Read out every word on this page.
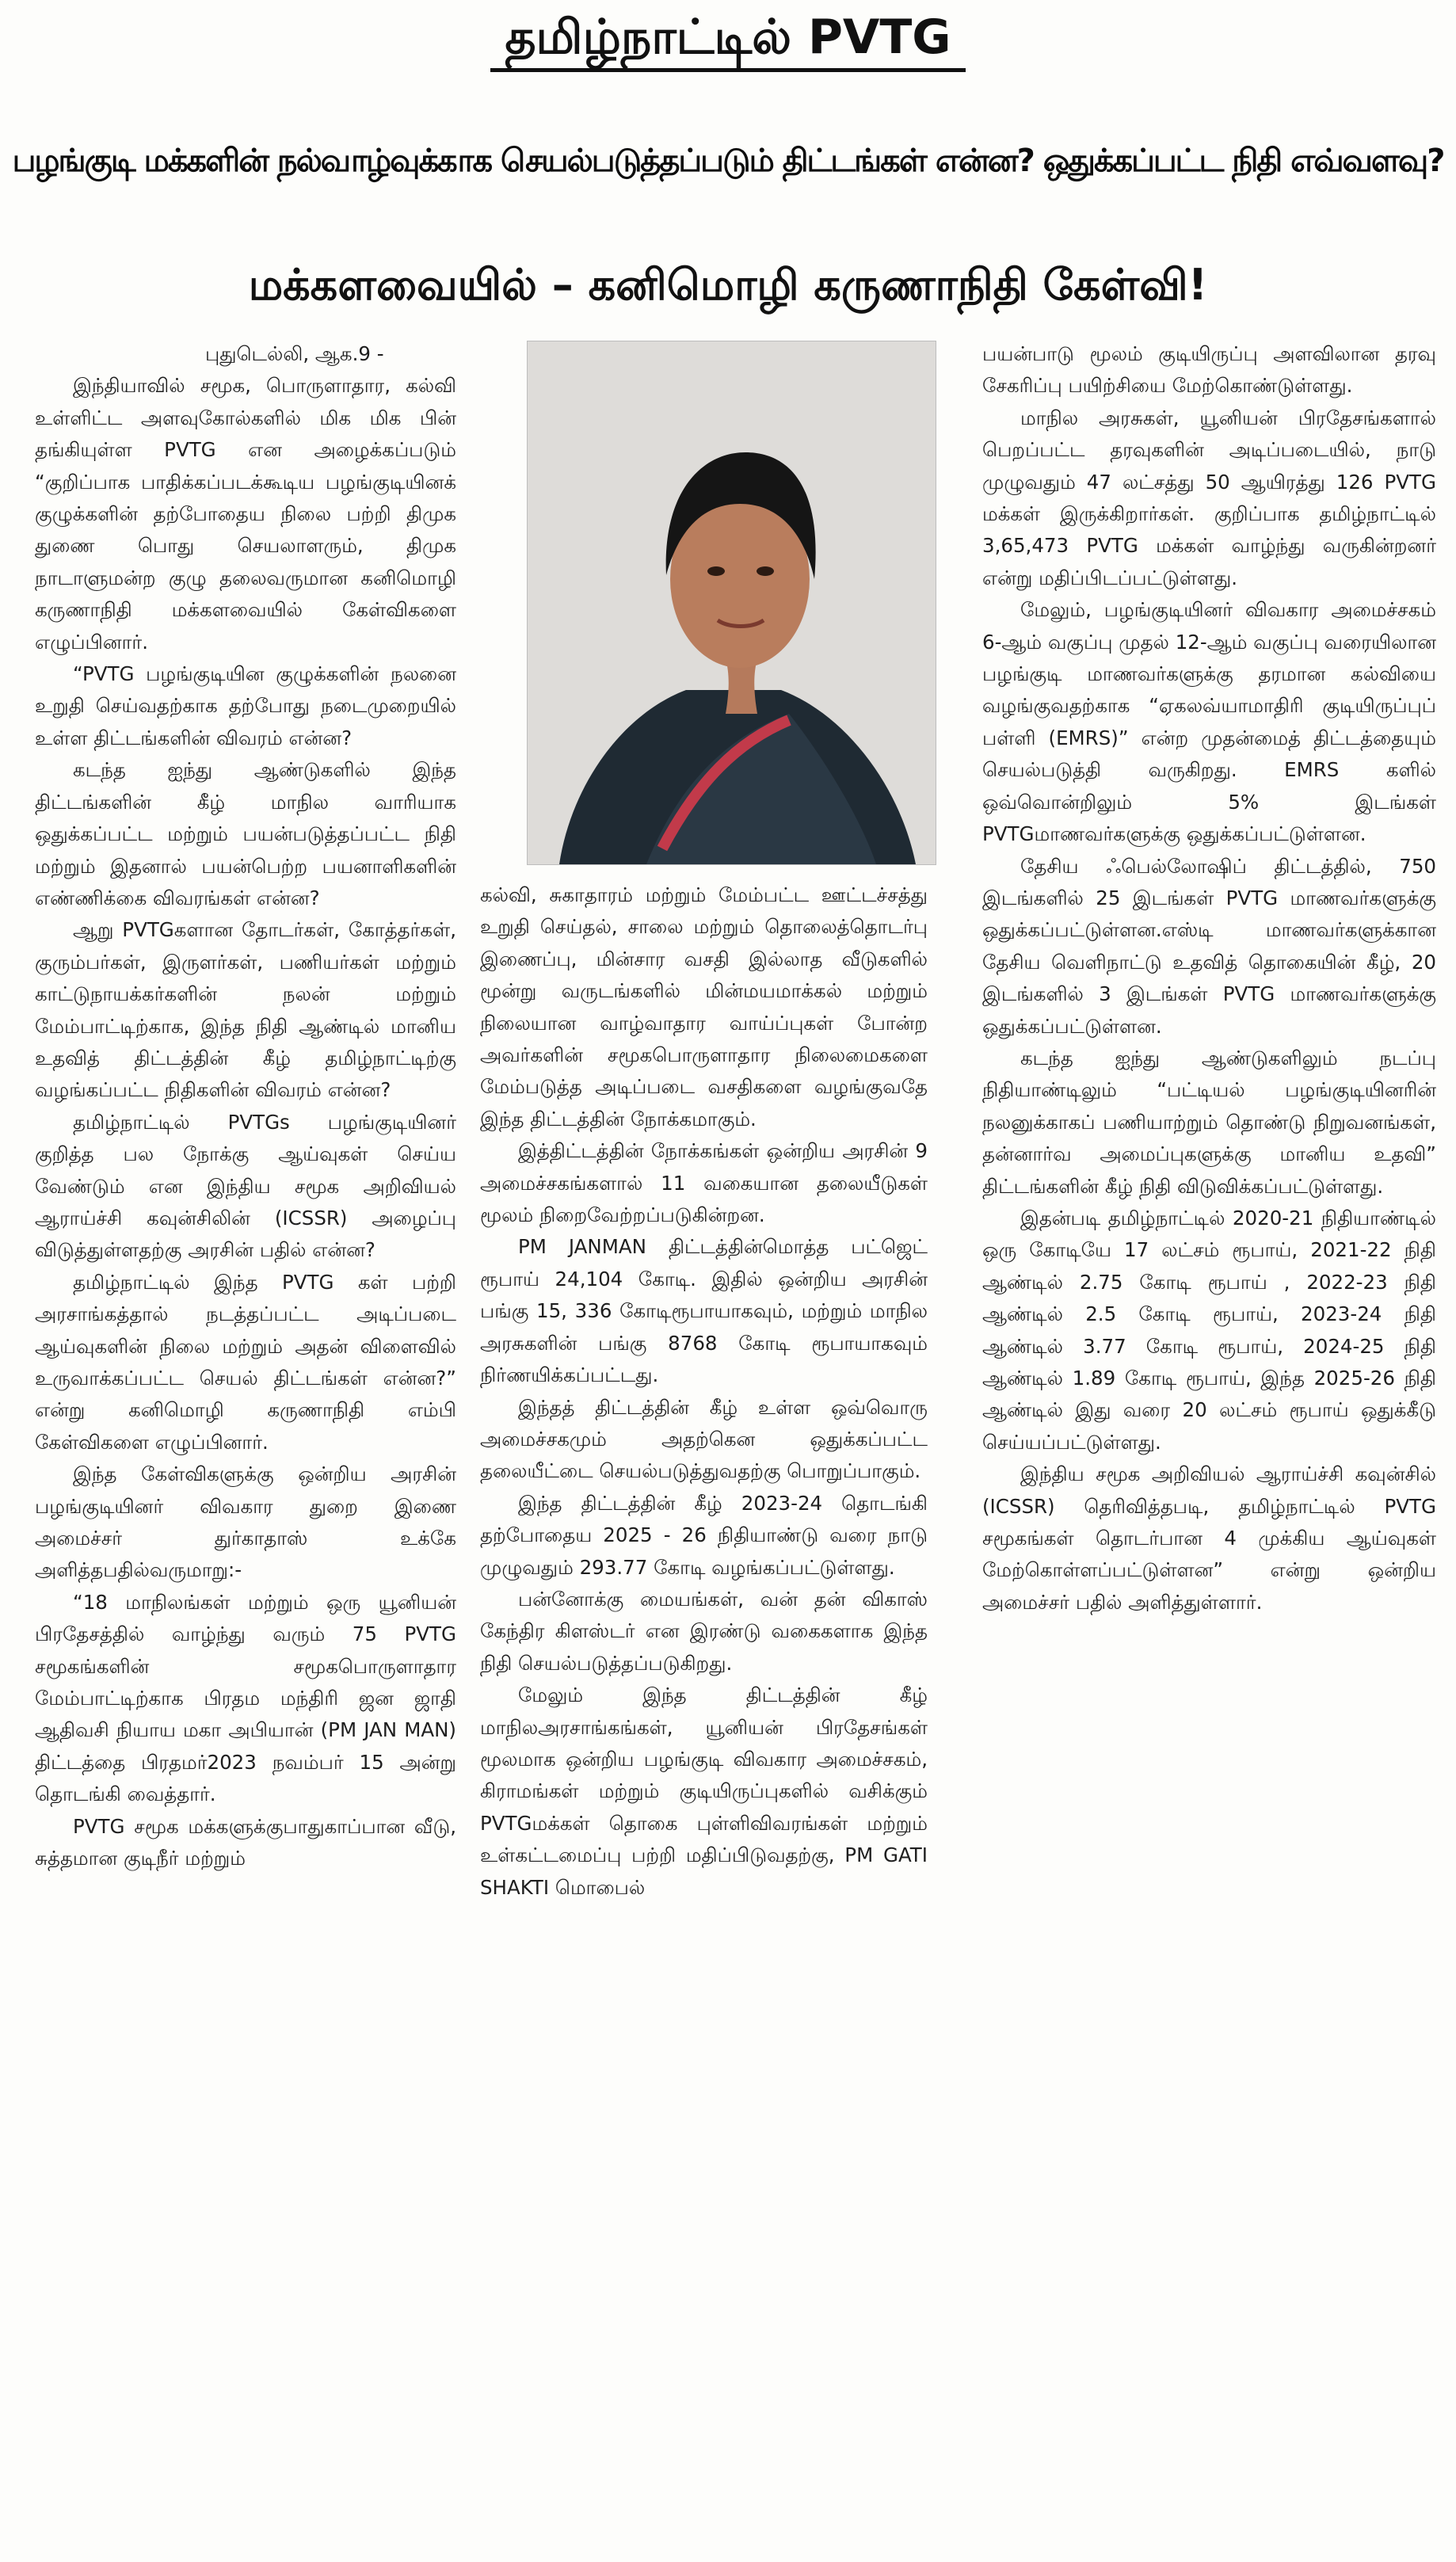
தமிழ்நாட்டில் PVTG
பழங்குடி மக்களின் நல்வாழ்வுக்காக செயல்படுத்தப்படும் திட்டங்கள் என்ன? ஒதுக்கப்பட்ட நிதி எவ்வளவு?
மக்களவையில் – கனிமொழி கருணாநிதி கேள்வி!

புதுடெல்லி, ஆக.9 -

இந்தியாவில் சமூக, பொருளாதார, கல்வி உள்ளிட்ட அளவுகோல்களில் மிக மிக பின் தங்கியுள்ள PVTG என அழைக்கப்படும் “குறிப்பாக பாதிக்கப்படக்கூடிய பழங்குடியினக் குழுக்களின் தற்போதைய நிலை பற்றி திமுக துணை பொது செயலாளரும், திமுக நாடாளுமன்ற குழு தலைவருமான கனிமொழி கருணாநிதி மக்களவையில் கேள்விகளை எழுப்பினார்.

“PVTG பழங்குடியின குழுக்களின் நலனை உறுதி செய்வதற்காக தற்போது நடைமுறையில் உள்ள திட்டங்களின் விவரம் என்ன?

கடந்த ஐந்து ஆண்டுகளில் இந்த திட்டங்களின் கீழ் மாநில வாரியாக ஒதுக்கப்பட்ட மற்றும் பயன்படுத்தப்பட்ட நிதி மற்றும் இதனால் பயன்பெற்ற பயனாளிகளின் எண்ணிக்கை விவரங்கள் என்ன?

ஆறு PVTGகளான தோடர்கள், கோத்தர்கள், குரும்பர்கள், இருளர்கள், பணியர்கள் மற்றும் காட்டுநாயக்கர்களின் நலன் மற்றும் மேம்பாட்டிற்காக, இந்த நிதி ஆண்டில் மானிய உதவித் திட்டத்தின் கீழ் தமிழ்நாட்டிற்கு வழங்கப்பட்ட நிதிகளின் விவரம் என்ன?

தமிழ்நாட்டில் PVTGs பழங்குடியினர் குறித்த பல நோக்கு ஆய்வுகள் செய்ய வேண்டும் என இந்திய சமூக அறிவியல் ஆராய்ச்சி கவுன்சிலின் (ICSSR) அழைப்பு விடுத்துள்ளதற்கு அரசின் பதில் என்ன?

தமிழ்நாட்டில் இந்த PVTG கள் பற்றி அரசாங்கத்தால் நடத்தப்பட்ட அடிப்படை ஆய்வுகளின் நிலை மற்றும் அதன் விளைவில் உருவாக்கப்பட்ட செயல் திட்டங்கள் என்ன?” என்று கனிமொழி கருணாநிதி எம்பி கேள்விகளை எழுப்பினார்.

இந்த கேள்விகளுக்கு ஒன்றிய அரசின் பழங்குடியினர் விவகார துறை இணை அமைச்சர் துர்காதாஸ் உக்கே அளித்தபதில்வருமாறு:-

“18 மாநிலங்கள் மற்றும் ஒரு யூனியன் பிரதேசத்தில் வாழ்ந்து வரும் 75 PVTG சமூகங்களின் சமூகபொருளாதார மேம்பாட்டிற்காக பிரதம மந்திரி ஜன ஜாதி ஆதிவசி நியாய மகா அபியான் (PM JAN MAN) திட்டத்தை பிரதமர்2023 நவம்பர் 15 அன்று தொடங்கி வைத்தார்.

PVTG சமூக மக்களுக்குபாதுகாப்பான வீடு, சுத்தமான குடிநீர் மற்றும்

கல்வி, சுகாதாரம் மற்றும் மேம்பட்ட ஊட்டச்சத்து உறுதி செய்தல், சாலை மற்றும் தொலைத்தொடர்பு இணைப்பு, மின்சார வசதி இல்லாத வீடுகளில் மூன்று வருடங்களில் மின்மயமாக்கல் மற்றும் நிலையான வாழ்வாதார வாய்ப்புகள் போன்ற அவர்களின் சமூகபொருளாதார நிலைமைகளை மேம்படுத்த அடிப்படை வசதிகளை வழங்குவதே இந்த திட்டத்தின் நோக்கமாகும்.

இத்திட்டத்தின் நோக்கங்கள் ஒன்றிய அரசின் 9 அமைச்சகங்களால் 11 வகையான தலையீடுகள் மூலம் நிறைவேற்றப்படுகின்றன.

PM JANMAN திட்டத்தின்மொத்த பட்ஜெட் ரூபாய் 24,104 கோடி. இதில் ஒன்றிய அரசின் பங்கு 15, 336 கோடிரூபாயாகவும், மற்றும் மாநில அரசுகளின் பங்கு 8768 கோடி ரூபாயாகவும் நிர்ணயிக்கப்பட்டது.

இந்தத் திட்டத்தின் கீழ் உள்ள ஒவ்வொரு அமைச்சகமும் அதற்கென ஒதுக்கப்பட்ட தலையீட்டை செயல்படுத்துவதற்கு பொறுப்பாகும்.

இந்த திட்டத்தின் கீழ் 2023-24 தொடங்கி தற்போதைய 2025 - 26 நிதியாண்டு வரை நாடு முழுவதும் 293.77 கோடி வழங்கப்பட்டுள்ளது.

பன்னோக்கு மையங்கள், வன் தன் விகாஸ் கேந்திர கிளஸ்டர் என இரண்டு வகைகளாக இந்த நிதி செயல்படுத்தப்படுகிறது.

மேலும் இந்த திட்டத்தின் கீழ் மாநிலஅரசாங்கங்கள், யூனியன் பிரதேசங்கள் மூலமாக ஒன்றிய பழங்குடி விவகார அமைச்சகம், கிராமங்கள் மற்றும் குடியிருப்புகளில் வசிக்கும் PVTGமக்கள் தொகை புள்ளிவிவரங்கள் மற்றும் உள்கட்டமைப்பு பற்றி மதிப்பிடுவதற்கு, PM GATI SHAKTI மொபைல்

பயன்பாடு மூலம் குடியிருப்பு அளவிலான தரவு சேகரிப்பு பயிற்சியை மேற்கொண்டுள்ளது.

மாநில அரசுகள், யூனியன் பிரதேசங்களால் பெறப்பட்ட தரவுகளின் அடிப்படையில், நாடு முழுவதும் 47 லட்சத்து 50 ஆயிரத்து 126 PVTG மக்கள் இருக்கிறார்கள். குறிப்பாக தமிழ்நாட்டில் 3,65,473 PVTG மக்கள் வாழ்ந்து வருகின்றனர் என்று மதிப்பிடப்பட்டுள்ளது.

மேலும், பழங்குடியினர் விவகார அமைச்சகம் 6-ஆம் வகுப்பு முதல் 12-ஆம் வகுப்பு வரையிலான பழங்குடி மாணவர்களுக்கு தரமான கல்வியை வழங்குவதற்காக “ஏகலவ்யாமாதிரி குடியிருப்புப் பள்ளி (EMRS)” என்ற முதன்மைத் திட்டத்தையும் செயல்படுத்தி வருகிறது. EMRS களில் ஒவ்வொன்றிலும் 5% இடங்கள் PVTGமாணவர்களுக்கு ஒதுக்கப்பட்டுள்ளன.

தேசிய ஃபெல்லோஷிப் திட்டத்தில், 750 இடங்களில் 25 இடங்கள் PVTG மாணவர்களுக்கு ஒதுக்கப்பட்டுள்ளன.எஸ்டி மாணவர்களுக்கான தேசிய வெளிநாட்டு உதவித் தொகையின் கீழ், 20 இடங்களில் 3 இடங்கள் PVTG மாணவர்களுக்கு ஒதுக்கப்பட்டுள்ளன.

கடந்த ஐந்து ஆண்டுகளிலும் நடப்பு நிதியாண்டிலும் “பட்டியல் பழங்குடியினரின் நலனுக்காகப் பணியாற்றும் தொண்டு நிறுவனங்கள், தன்னார்வ அமைப்புகளுக்கு மானிய உதவி” திட்டங்களின் கீழ் நிதி விடுவிக்கப்பட்டுள்ளது.

இதன்படி தமிழ்நாட்டில் 2020-21 நிதியாண்டில் ஒரு கோடியே 17 லட்சம் ரூபாய், 2021-22 நிதி ஆண்டில் 2.75 கோடி ரூபாய் , 2022-23 நிதி ஆண்டில் 2.5 கோடி ரூபாய், 2023-24 நிதி ஆண்டில் 3.77 கோடி ரூபாய், 2024-25 நிதி ஆண்டில் 1.89 கோடி ரூபாய், இந்த 2025-26 நிதி ஆண்டில் இது வரை 20 லட்சம் ரூபாய் ஒதுக்கீடு செய்யப்பட்டுள்ளது.

இந்திய சமூக அறிவியல் ஆராய்ச்சி கவுன்சில் (ICSSR) தெரிவித்தபடி, தமிழ்நாட்டில் PVTG சமூகங்கள் தொடர்பான 4 முக்கிய ஆய்வுகள் மேற்கொள்ளப்பட்டுள்ளன” என்று ஒன்றிய அமைச்சர் பதில் அளித்துள்ளார்.
